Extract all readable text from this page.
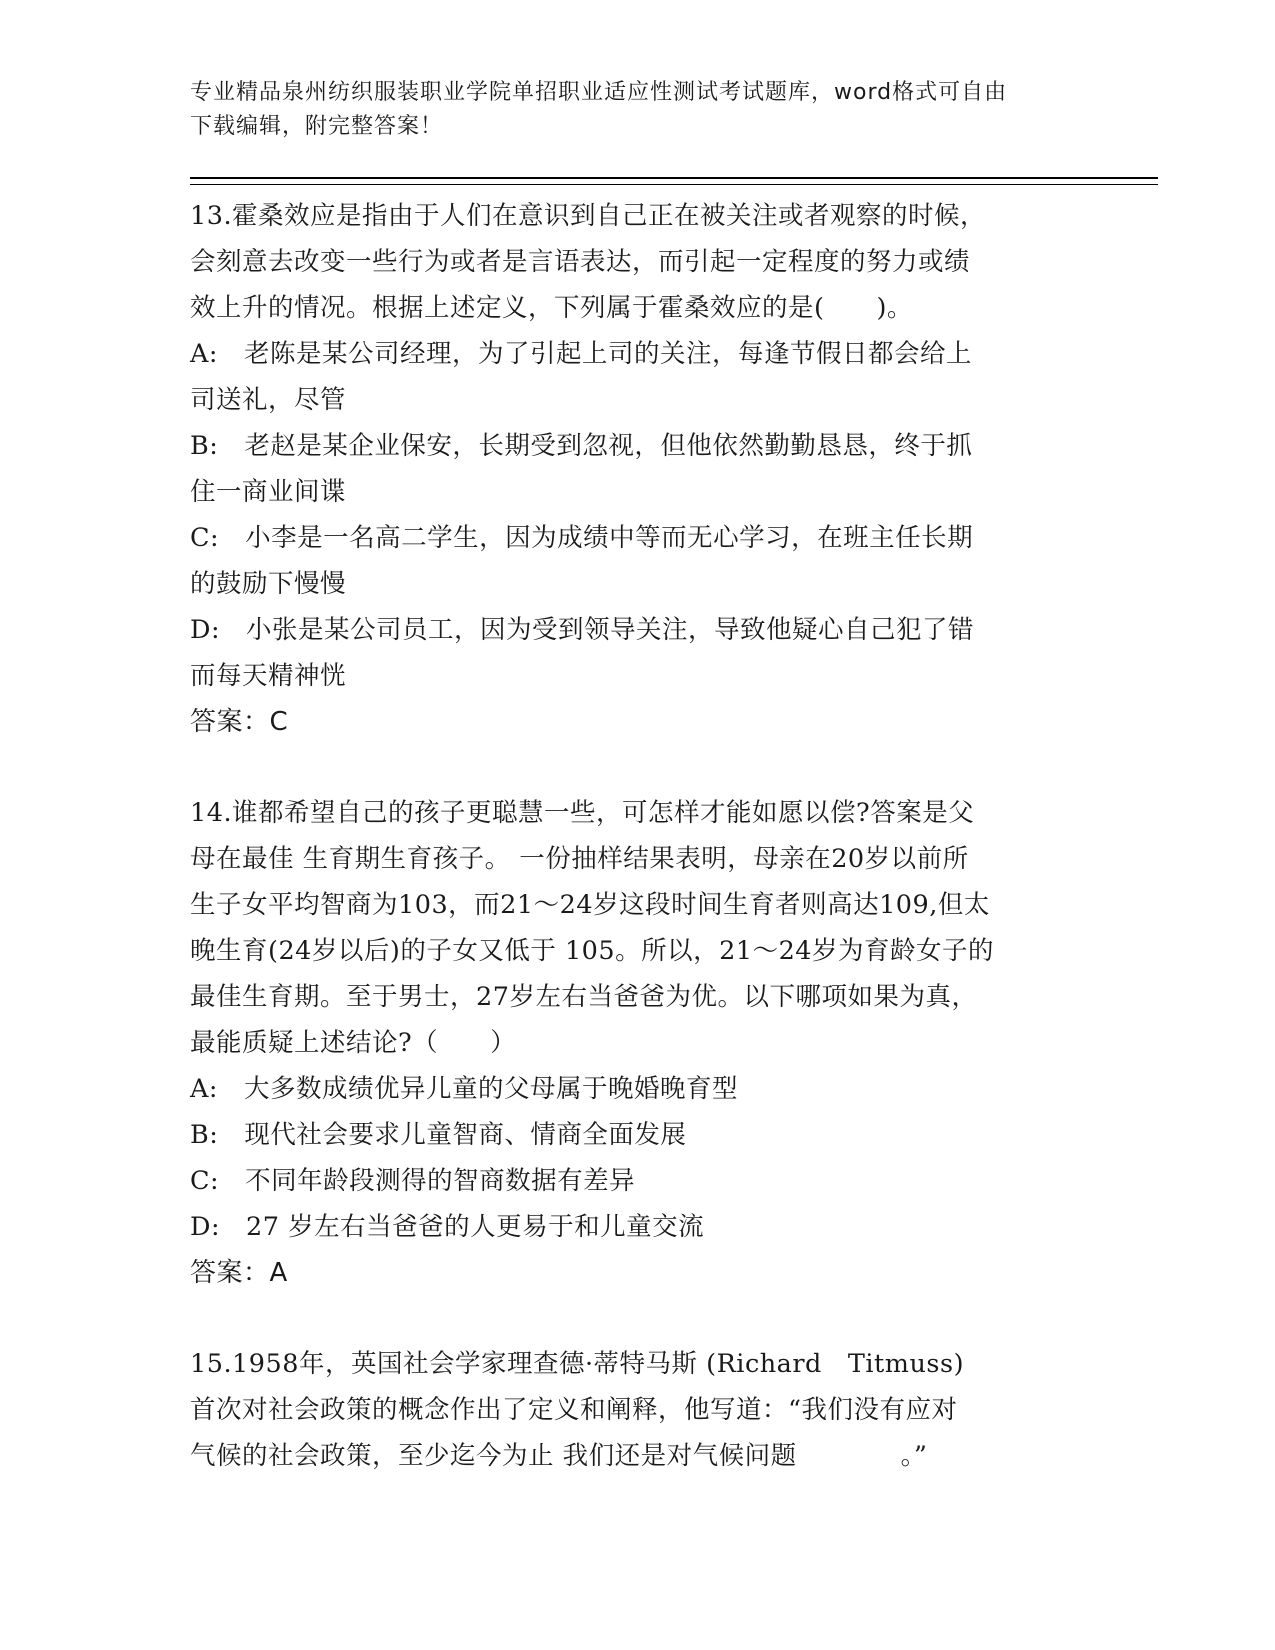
专业精品泉州纺织服装职业学院单招职业适应性测试考试题库，word格式可自由
下载编辑，附完整答案！

13.霍桑效应是指由于人们在意识到自己正在被关注或者观察的时候，

会刻意去改变一些行为或者是言语表达，而引起一定程度的努力或绩

效上升的情况。根据上述定义，下列属于霍桑效应的是(　　)。

A:　老陈是某公司经理，为了引起上司的关注，每逢节假日都会给上

司送礼，尽管

B:　老赵是某企业保安，长期受到忽视，但他依然勤勤恳恳，终于抓

住一商业间谍

C:　小李是一名高二学生，因为成绩中等而无心学习，在班主任长期

的鼓励下慢慢

D:　小张是某公司员工，因为受到领导关注，导致他疑心自己犯了错

而每天精神恍

答案：C

14.谁都希望自己的孩子更聪慧一些，可怎样才能如愿以偿?答案是父

母在最佳 生育期生育孩子。 一份抽样结果表明，母亲在20岁以前所

生子女平均智商为103，而21～24岁这段时间生育者则高达109,但太

晚生育(24岁以后)的子女又低于 105。所以，21～24岁为育龄女子的

最佳生育期。至于男士，27岁左右当爸爸为优。以下哪项如果为真，

最能质疑上述结论?（　　）

A:　大多数成绩优异儿童的父母属于晚婚晚育型

B:　现代社会要求儿童智商、情商全面发展

C:　不同年龄段测得的智商数据有差异

D:　27 岁左右当爸爸的人更易于和儿童交流

答案：A

15.1958年，英国社会学家理查德·蒂特马斯 (Richard　Titmuss)

首次对社会政策的概念作出了定义和阐释，他写道：“我们没有应对

气候的社会政策，至少迄今为止 我们还是对气候问题　　　　。”
